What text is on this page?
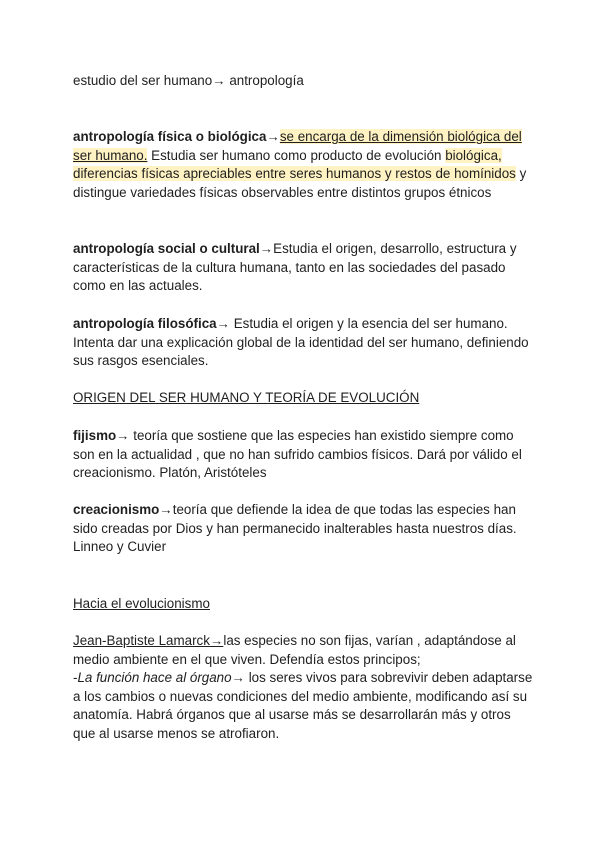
estudio del ser humano→ antropología

antropología física o biológica→se encarga de la dimensión biológica del ser humano. Estudia ser humano como producto de evolución biológica, diferencias físicas apreciables entre seres humanos y restos de homínidos y distingue variedades físicas observables entre distintos grupos étnicos

antropología social o cultural→Estudia el origen, desarrollo, estructura y características de la cultura humana, tanto en las sociedades del pasado como en las actuales.

antropología filosófica→ Estudia el origen y la esencia del ser humano. Intenta dar una explicación global de la identidad del ser humano, definiendo sus rasgos esenciales.

ORIGEN DEL SER HUMANO Y TEORÍA DE EVOLUCIÓN

fijismo→ teoría que sostiene que las especies han existido siempre como son en la actualidad , que no han sufrido cambios físicos. Dará por válido el creacionismo. Platón, Aristóteles

creacionismo→teoría que defiende la idea de que todas las especies han sido creadas por Dios y han permanecido inalterables hasta nuestros días. Linneo y Cuvier

Hacia el evolucionismo

Jean-Baptiste Lamarck→las especies no son fijas, varían , adaptándose al medio ambiente en el que viven. Defendía estos principos;
-La función hace al órgano→ los seres vivos para sobrevivir deben adaptarse a los cambios o nuevas condiciones del medio ambiente, modificando así su anatomía. Habrá órganos que al usarse más se desarrollarán más y otros que al usarse menos se atrofiaron.
